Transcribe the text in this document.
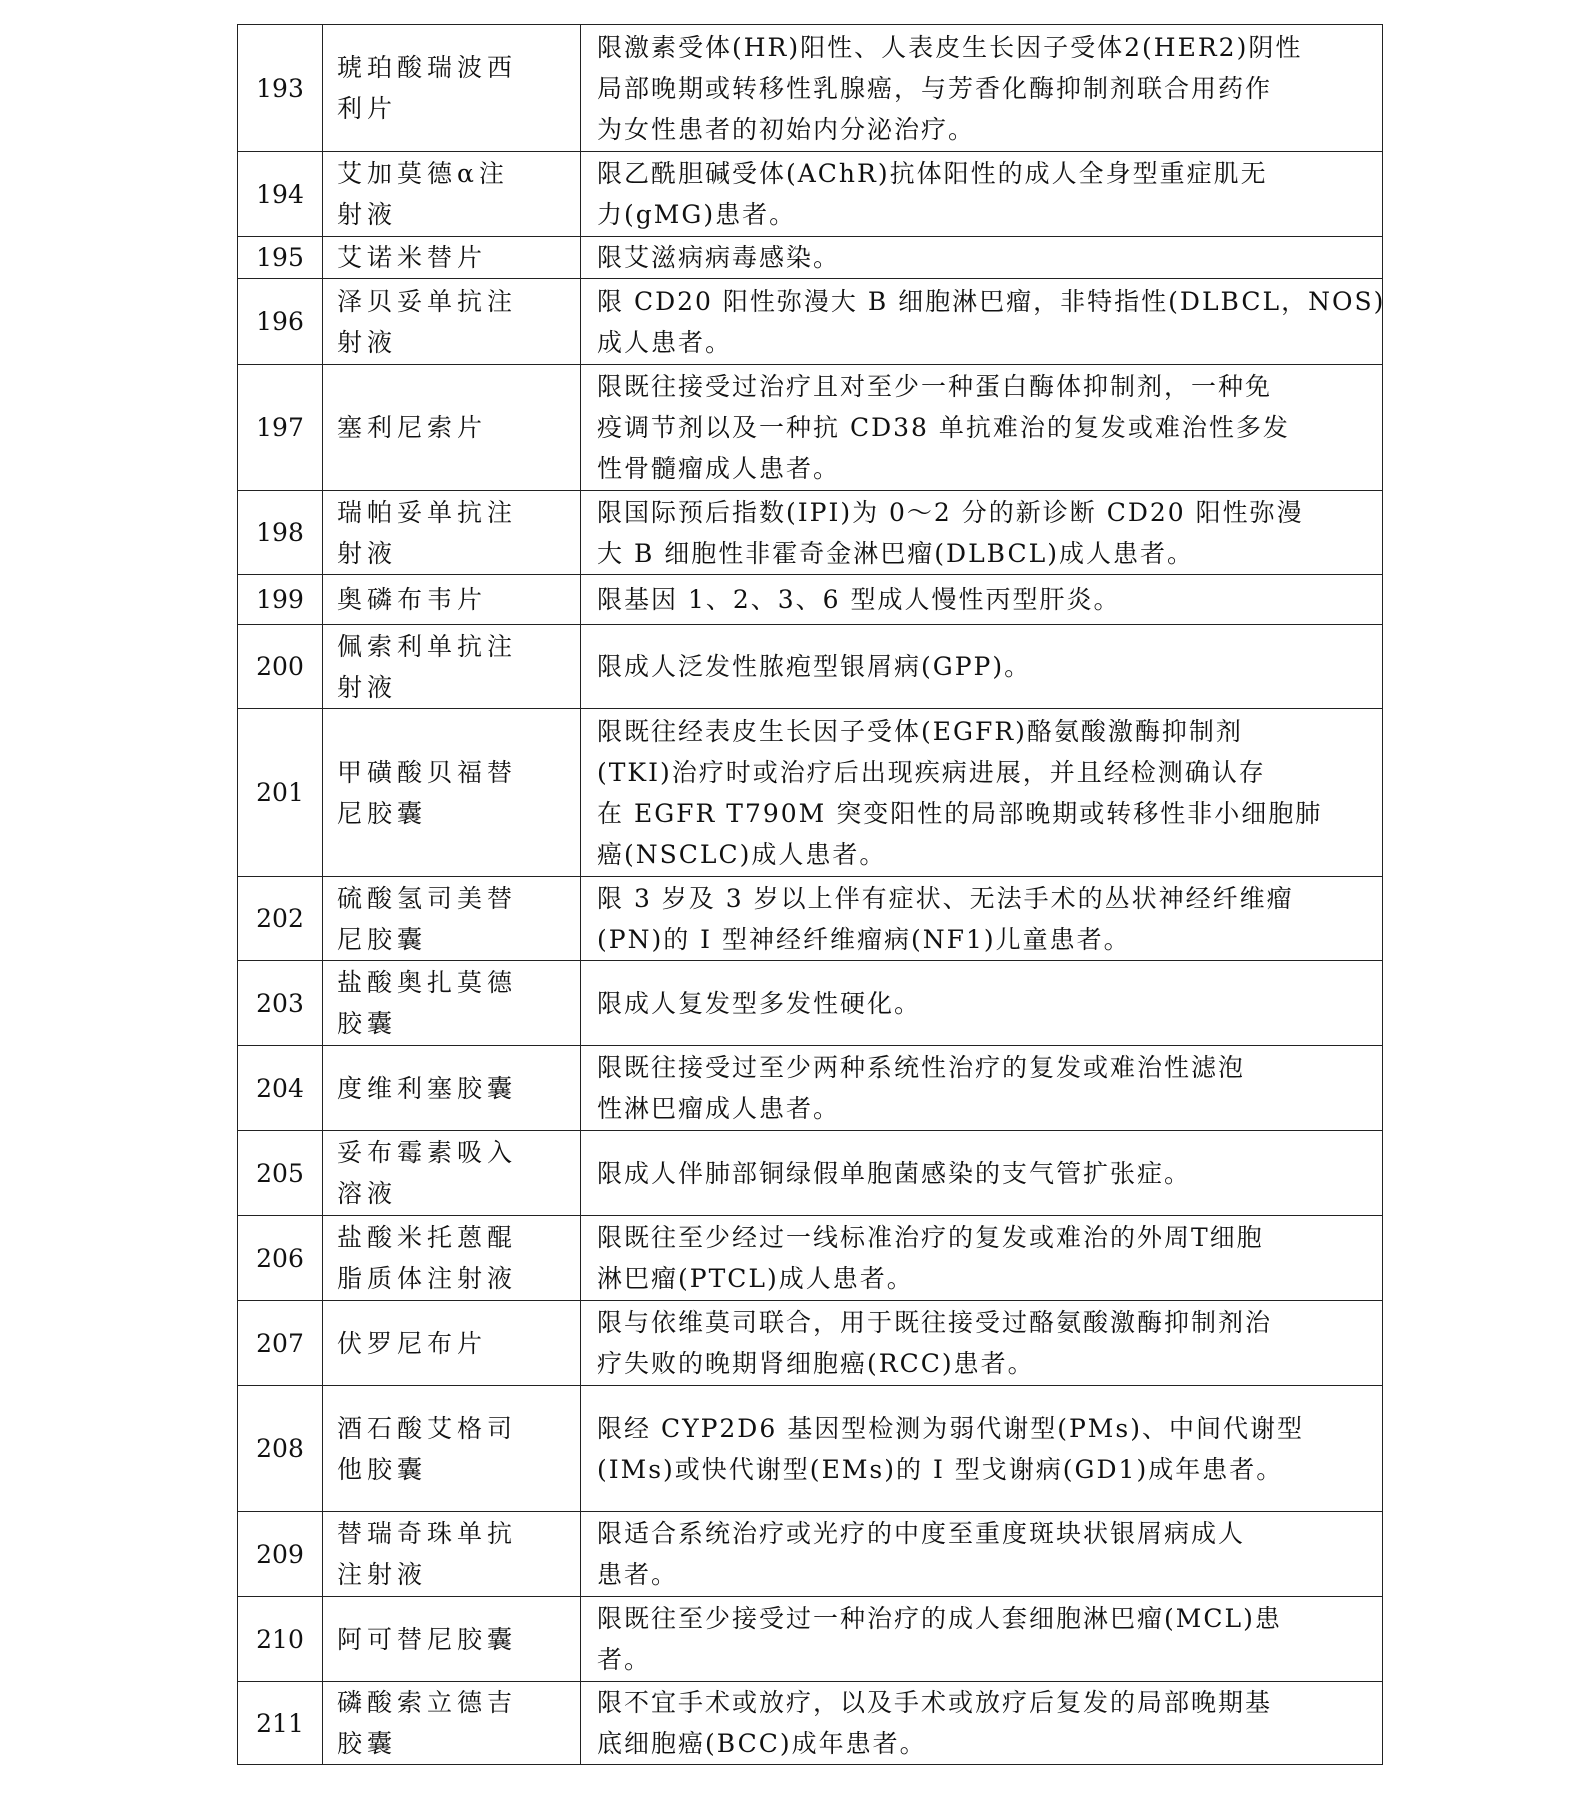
193	琥珀酸瑞波西
利片	限激素受体(HR)阳性、人表皮生长因子受体2(HER2)阴性
局部晚期或转移性乳腺癌，与芳香化酶抑制剂联合用药作
为女性患者的初始内分泌治疗。

194	艾加莫德α注
射液	限乙酰胆碱受体(AChR)抗体阳性的成人全身型重症肌无
力(gMG)患者。

195	艾诺米替片	限艾滋病病毒感染。

196	泽贝妥单抗注
射液	限 CD20 阳性弥漫大 B 细胞淋巴瘤，非特指性(DLBCL，NOS)
成人患者。

197	塞利尼索片	限既往接受过治疗且对至少一种蛋白酶体抑制剂，一种免
疫调节剂以及一种抗 CD38 单抗难治的复发或难治性多发
性骨髓瘤成人患者。

198	瑞帕妥单抗注
射液	限国际预后指数(IPI)为 0～2 分的新诊断 CD20 阳性弥漫
大 B 细胞性非霍奇金淋巴瘤(DLBCL)成人患者。

199	奥磷布韦片	限基因 1、2、3、6 型成人慢性丙型肝炎。

200	佩索利单抗注
射液	限成人泛发性脓疱型银屑病(GPP)。

201	甲磺酸贝福替
尼胶囊	限既往经表皮生长因子受体(EGFR)酪氨酸激酶抑制剂
(TKI)治疗时或治疗后出现疾病进展，并且经检测确认存
在 EGFR T790M 突变阳性的局部晚期或转移性非小细胞肺
癌(NSCLC)成人患者。

202	硫酸氢司美替
尼胶囊	限 3 岁及 3 岁以上伴有症状、无法手术的丛状神经纤维瘤
(PN)的 I 型神经纤维瘤病(NF1)儿童患者。

203	盐酸奥扎莫德
胶囊	限成人复发型多发性硬化。

204	度维利塞胶囊	限既往接受过至少两种系统性治疗的复发或难治性滤泡
性淋巴瘤成人患者。

205	妥布霉素吸入
溶液	限成人伴肺部铜绿假单胞菌感染的支气管扩张症。

206	盐酸米托蒽醌
脂质体注射液	限既往至少经过一线标准治疗的复发或难治的外周T细胞
淋巴瘤(PTCL)成人患者。

207	伏罗尼布片	限与依维莫司联合，用于既往接受过酪氨酸激酶抑制剂治
疗失败的晚期肾细胞癌(RCC)患者。

208	酒石酸艾格司
他胶囊	限经 CYP2D6 基因型检测为弱代谢型(PMs)、中间代谢型
(IMs)或快代谢型(EMs)的 I 型戈谢病(GD1)成年患者。

209	替瑞奇珠单抗
注射液	限适合系统治疗或光疗的中度至重度斑块状银屑病成人
患者。

210	阿可替尼胶囊	限既往至少接受过一种治疗的成人套细胞淋巴瘤(MCL)患
者。

211	磷酸索立德吉
胶囊	限不宜手术或放疗，以及手术或放疗后复发的局部晚期基
底细胞癌(BCC)成年患者。
